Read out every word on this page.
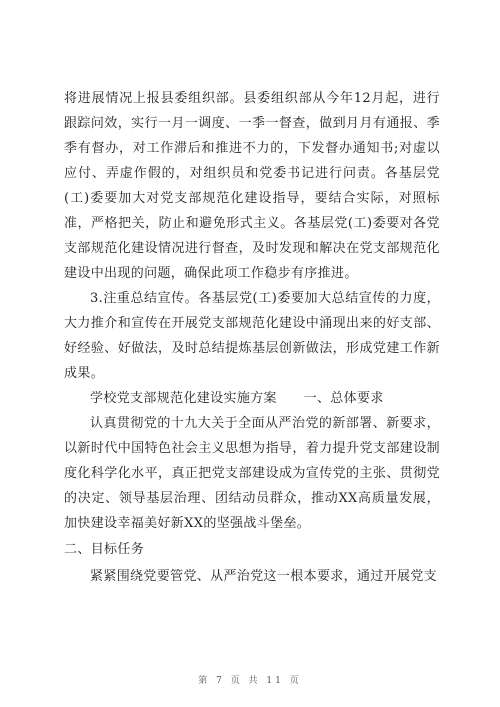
将进展情况上报县委组织部。县委组织部从今年12月起，进行跟踪问效，实行一月一调度、一季一督查，做到月月有通报、季季有督办，对工作滞后和推进不力的，下发督办通知书;对虚以应付、弄虚作假的，对组织员和党委书记进行问责。各基层党(工)委要加大对党支部规范化建设指导，要结合实际，对照标准，严格把关，防止和避免形式主义。各基层党(工)委要对各党支部规范化建设情况进行督查，及时发现和解决在党支部规范化建设中出现的问题，确保此项工作稳步有序推进。

3.注重总结宣传。各基层党(工)委要加大总结宣传的力度，大力推介和宣传在开展党支部规范化建设中涌现出来的好支部、好经验、好做法，及时总结提炼基层创新做法，形成党建工作新成果。

学校党支部规范化建设实施方案　　一、总体要求

认真贯彻党的十九大关于全面从严治党的新部署、新要求，以新时代中国特色社会主义思想为指导，着力提升党支部建设制度化科学化水平，真正把党支部建设成为宣传党的主张、贯彻党的决定、领导基层治理、团结动员群众，推动XX高质量发展，加快建设幸福美好新XX的坚强战斗堡垒。

二、目标任务

紧紧围绕党要管党、从严治党这一根本要求，通过开展党支

第 7 页 共 11 页
